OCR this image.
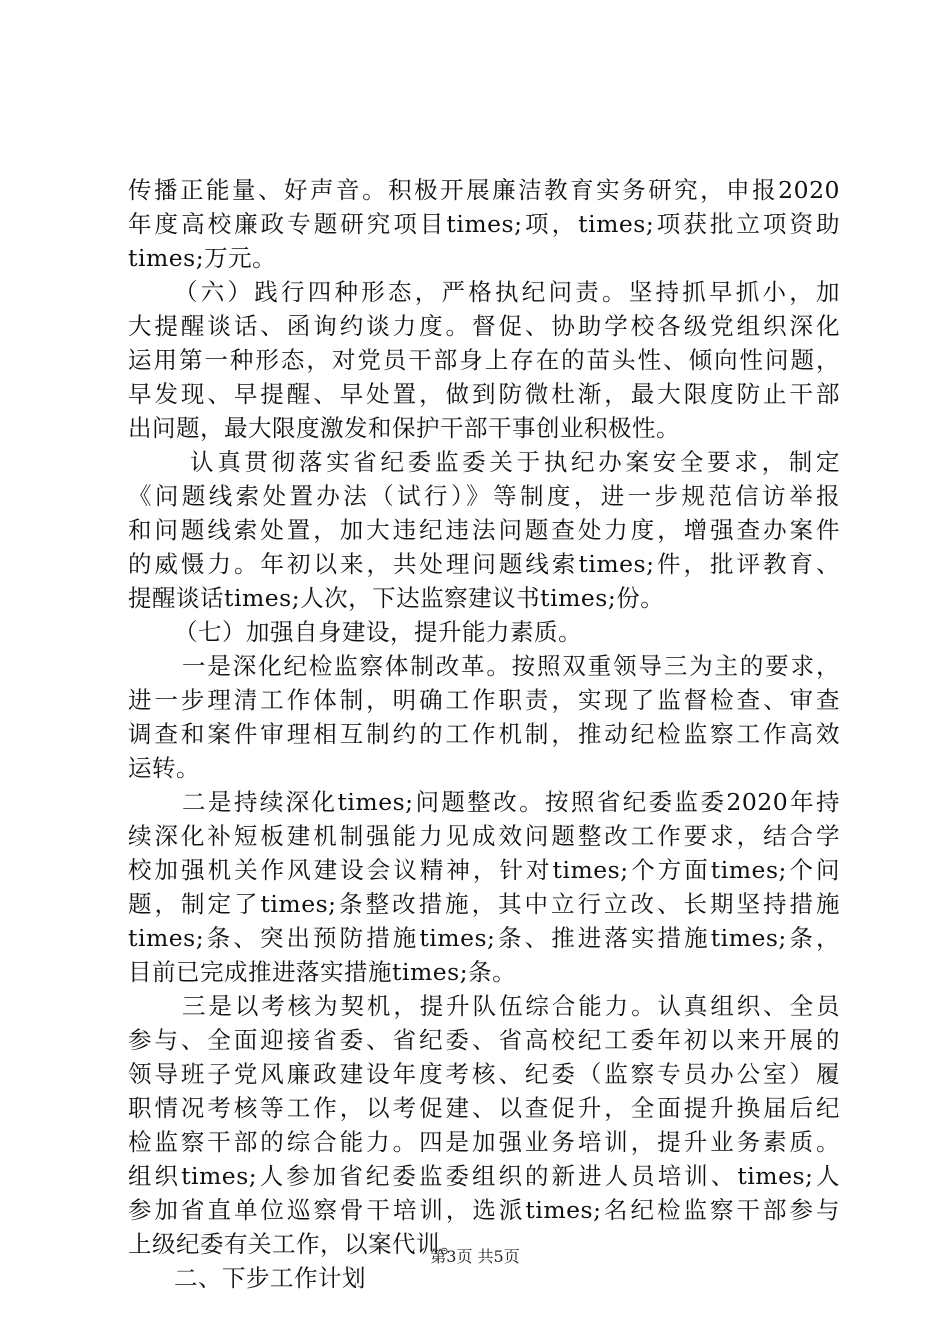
传播正能量、好声音。积极开展廉洁教育实务研究，申报2020
年度高校廉政专题研究项目times;项，times;项获批立项资助
times;万元。
（六）践行四种形态，严格执纪问责。坚持抓早抓小，加
大提醒谈话、函询约谈力度。督促、协助学校各级党组织深化
运用第一种形态，对党员干部身上存在的苗头性、倾向性问题，
早发现、早提醒、早处置，做到防微杜渐，最大限度防止干部
出问题，最大限度激发和保护干部干事创业积极性。
认真贯彻落实省纪委监委关于执纪办案安全要求，制定
《问题线索处置办法（试行）》等制度，进一步规范信访举报
和问题线索处置，加大违纪违法问题查处力度，增强查办案件
的威慑力。年初以来，共处理问题线索times;件，批评教育、
提醒谈话times;人次，下达监察建议书times;份。
（七）加强自身建设，提升能力素质。
一是深化纪检监察体制改革。按照双重领导三为主的要求，
进一步理清工作体制，明确工作职责，实现了监督检查、审查
调查和案件审理相互制约的工作机制，推动纪检监察工作高效
运转。
二是持续深化times;问题整改。按照省纪委监委2020年持
续深化补短板建机制强能力见成效问题整改工作要求，结合学
校加强机关作风建设会议精神，针对times;个方面times;个问
题，制定了times;条整改措施，其中立行立改、长期坚持措施
times;条、突出预防措施times;条、推进落实措施times;条，
目前已完成推进落实措施times;条。
三是以考核为契机，提升队伍综合能力。认真组织、全员
参与、全面迎接省委、省纪委、省高校纪工委年初以来开展的
领导班子党风廉政建设年度考核、纪委（监察专员办公室）履
职情况考核等工作，以考促建、以查促升，全面提升换届后纪
检监察干部的综合能力。四是加强业务培训，提升业务素质。
组织times;人参加省纪委监委组织的新进人员培训、times;人
参加省直单位巡察骨干培训，选派times;名纪检监察干部参与
上级纪委有关工作，以案代训。
二、下步工作计划
第3页 共5页
